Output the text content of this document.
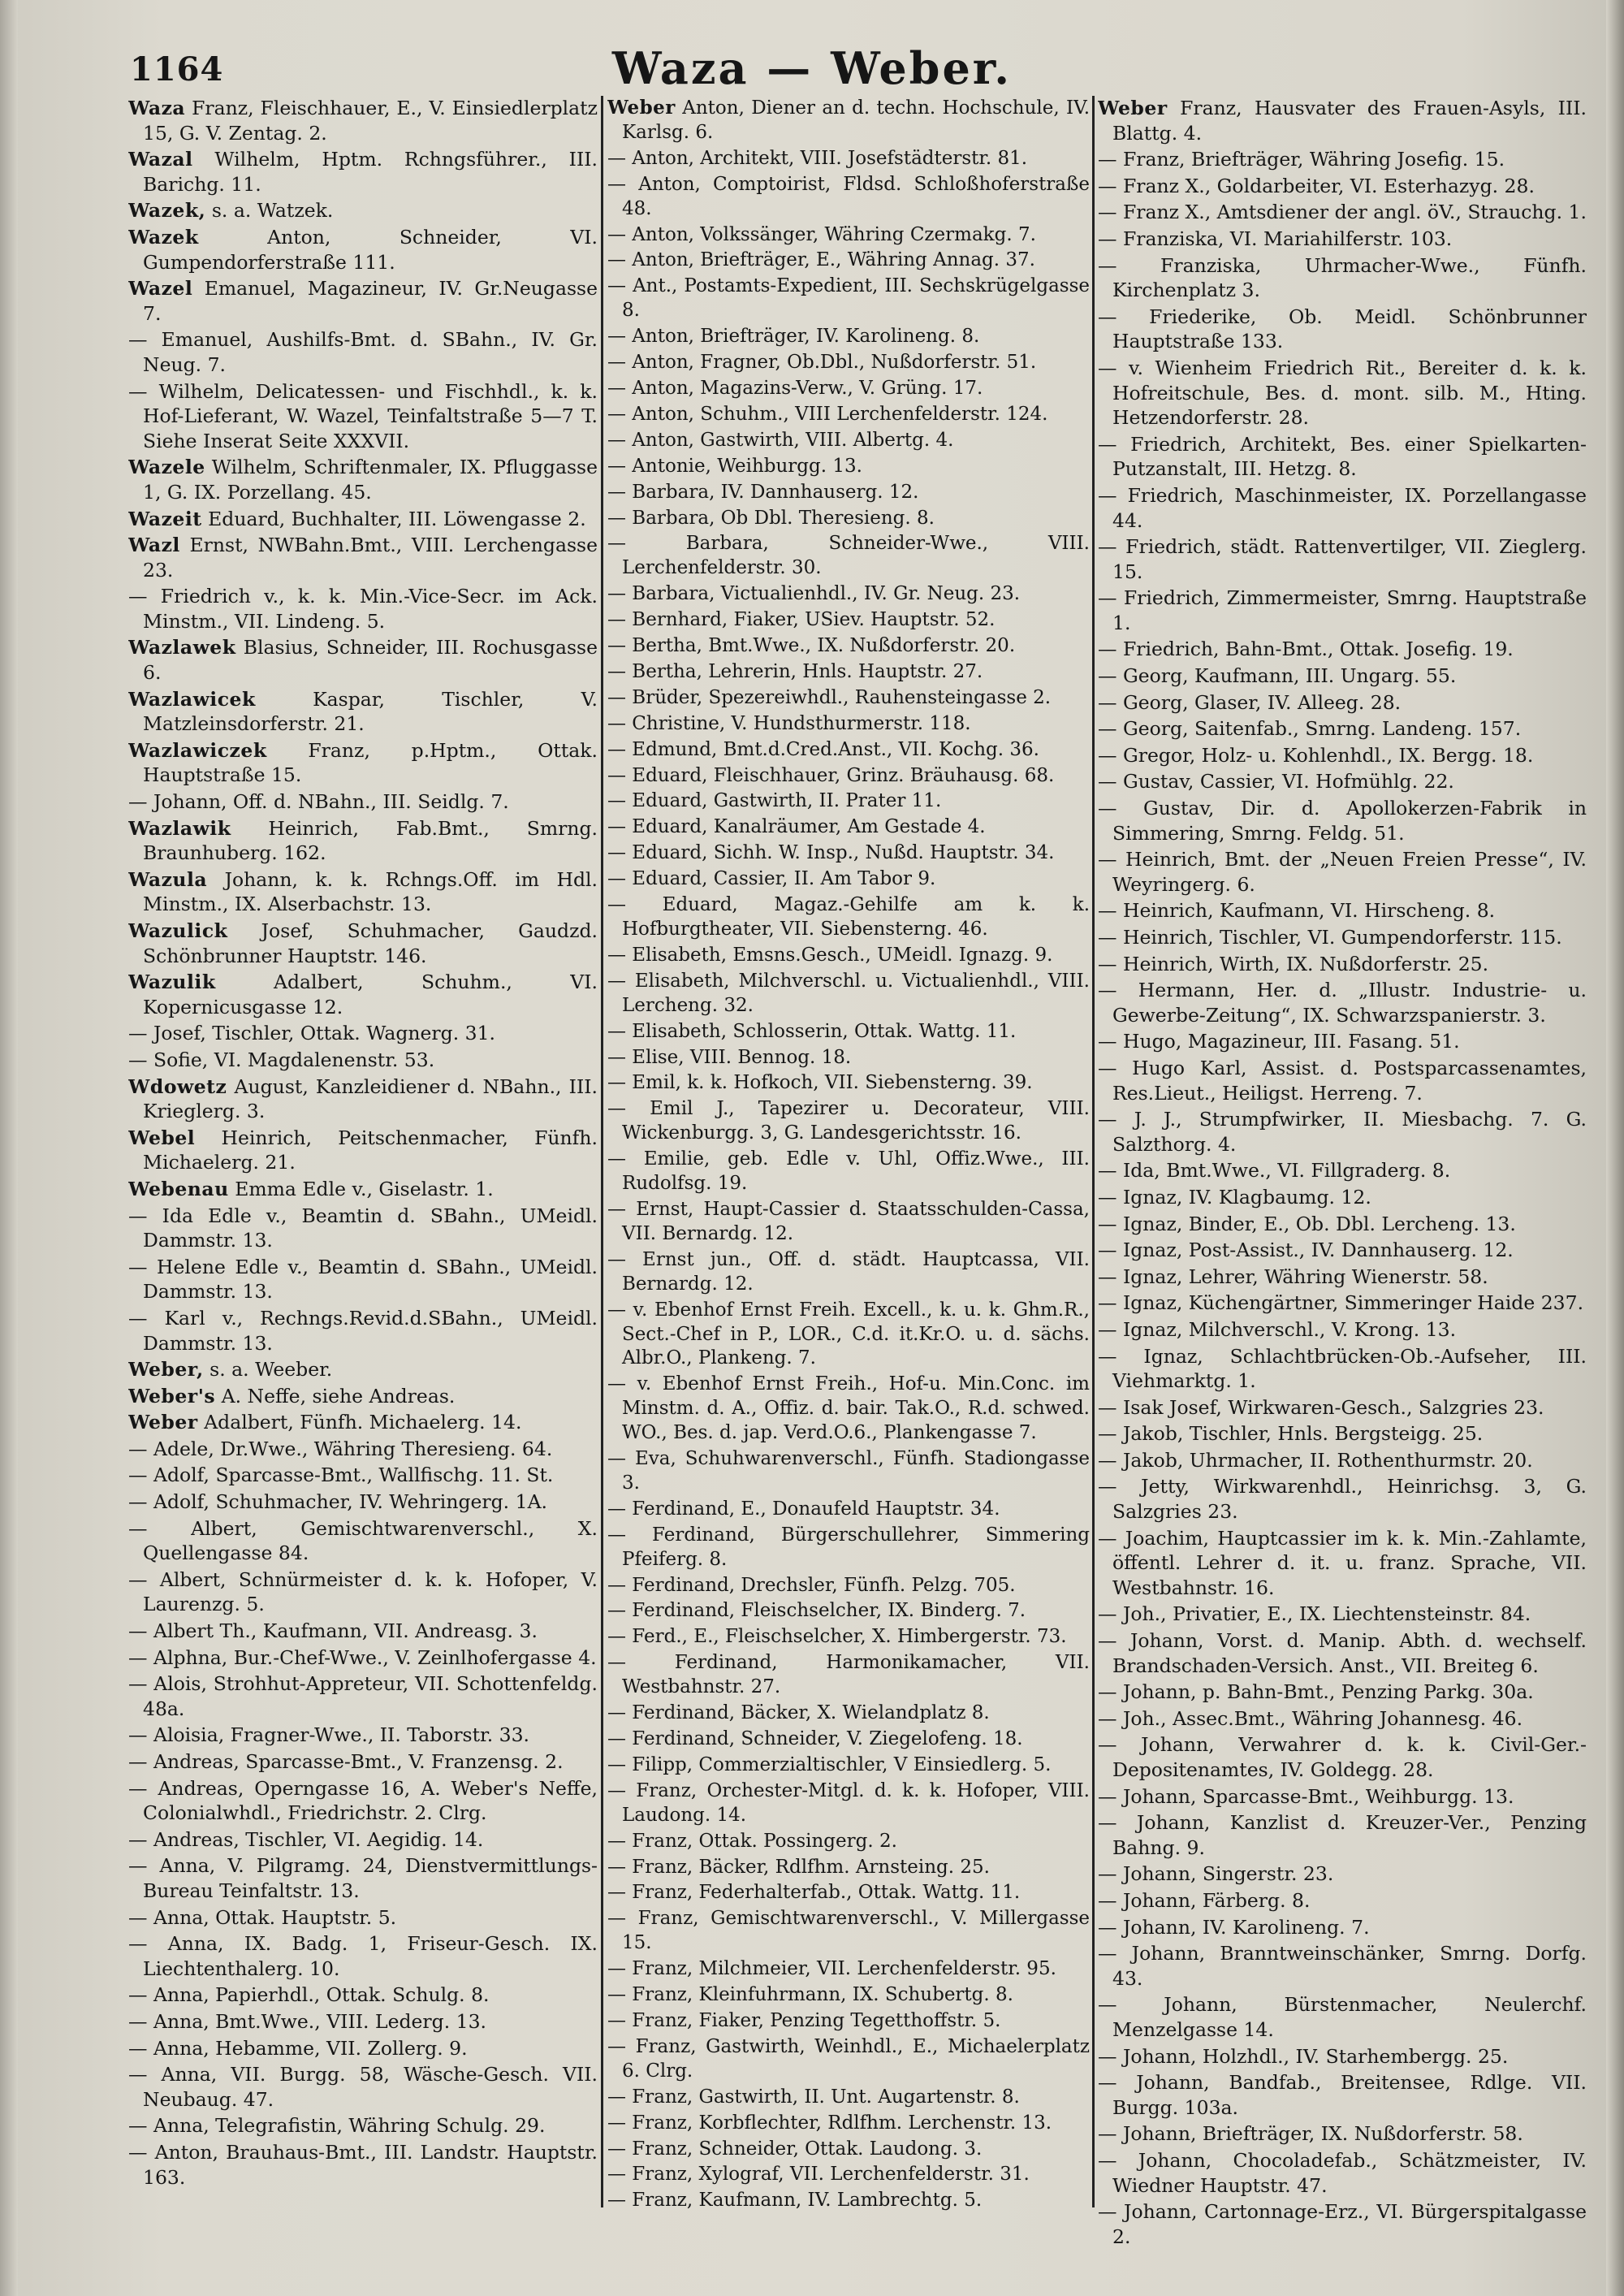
1164	Waza — Weber.
Waza Franz, Fleischhauer, E., V. Einsiedlerplatz 15, G. V. Zentag. 2.
Wazal Wilhelm, Hptm. Rchngsführer., III. Barichg. 11.
Wazek, s. a. Watzek.
Wazek	Anton, Schneider, VI. Gumpendorferstraße 111.
Wazel Emanuel, Magazineur, IV. Gr.Neugasse 7.
— Emanuel, Aushilfs-Bmt. d. SBahn., IV. Gr. Neug. 7.
— Wilhelm, Delicatessen- und Fischhdl., k. k. Hof-Lieferant, W. Wazel, Teinfaltstraße 5—7 T. Siehe Inserat Seite XXXVII.
Wazele Wilhelm, Schriftenmaler, IX. Pfluggasse 1, G. IX. Porzellang. 45.
Wazeit Eduard, Buchhalter, III. Löwengasse 2.
Wazl Ernst, NWBahn.Bmt., VIII. Lerchengasse 23.
— Friedrich v., k. k. Min.-Vice-Secr. im Ack. Minstm., VII. Lindeng. 5.
Wazlawek Blasius, Schneider, III. Rochusgasse 6.
Wazlawicek	Kaspar, Tischler, V. Matzleinsdorferstr. 21.
Wazlawiczek Franz, p.Hptm., Ottak. Hauptstraße 15.
— Johann, Off. d. NBahn., III. Seidlg. 7.
Wazlawik Heinrich, Fab.Bmt., Smrng. Braunhuberg. 162.
Wazula Johann, k. k. Rchngs.Off. im Hdl. Minstm., IX. Alserbachstr. 13.
Wazulick Josef, Schuhmacher, Gaudzd. Schönbrunner Hauptstr. 146.
Wazulik	Adalbert, Schuhm., VI. Kopernicusgasse 12.
— Josef, Tischler, Ottak. Wagnerg. 31.
— Sofie, VI. Magdalenenstr. 53.
Wdowetz August, Kanzleidiener d. NBahn., III. Krieglerg. 3.
Webel Heinrich, Peitschenmacher, Fünfh. Michaelerg. 21.
Webenau Emma Edle v., Giselastr. 1.
— Ida Edle v., Beamtin d. SBahn., UMeidl. Dammstr. 13.
— Helene Edle v., Beamtin d. SBahn., UMeidl. Dammstr. 13.
— Karl v., Rechngs.Revid.d.SBahn., UMeidl. Dammstr. 13.
Weber, s. a. Weeber.
Weber's A. Neffe, siehe Andreas.
Weber Adalbert, Fünfh. Michaelerg. 14.
— Adele, Dr.Wwe., Währing Theresieng. 64.
— Adolf, Sparcasse-Bmt., Wallfischg. 11. St.
— Adolf, Schuhmacher, IV. Wehringerg. 1A.
— Albert, Gemischtwarenverschl., X. Quellengasse 84.
— Albert, Schnürmeister d. k. k. Hofoper, V. Laurenzg. 5.
— Albert Th., Kaufmann, VII. Andreasg. 3.
— Alphna, Bur.-Chef-Wwe., V. Zeinlhofergasse 4.
— Alois, Strohhut-Appreteur, VII. Schottenfeldg. 48a.
— Aloisia, Fragner-Wwe., II. Taborstr. 33.
— Andreas, Sparcasse-Bmt., V. Franzensg. 2.
— Andreas, Operngasse 16, A. Weber's Neffe, Colonialwhdl., Friedrichstr. 2. Clrg.
— Andreas, Tischler, VI. Aegidig. 14.
— Anna, V. Pilgramg. 24, Dienstvermittlungs-Bureau Teinfaltstr. 13.
— Anna, Ottak. Hauptstr. 5.
— Anna, IX. Badg. 1, Friseur-Gesch. IX. Liechtenthalerg. 10.
— Anna, Papierhdl., Ottak. Schulg. 8.
— Anna, Bmt.Wwe., VIII. Lederg. 13.
— Anna, Hebamme, VII. Zollerg. 9.
— Anna, VII. Burgg. 58, Wäsche-Gesch. VII. Neubaug. 47.
— Anna, Telegrafistin, Währing Schulg. 29.
— Anton, Brauhaus-Bmt., III. Landstr. Hauptstr. 163.
Weber Anton, Diener an d. techn. Hochschule, IV. Karlsg. 6.
— Anton, Architekt, VIII. Josefstädterstr. 81.
— Anton, Comptoirist, Fldsd. Schloßhoferstraße 48.
— Anton, Volkssänger, Währing Czermakg. 7.
— Anton, Briefträger, E., Währing Annag. 37.
— Ant., Postamts-Expedient, III. Sechskrügelgasse 8.
— Anton, Briefträger, IV. Karolineng. 8.
— Anton, Fragner, Ob.Dbl., Nußdorferstr. 51.
— Anton, Magazins-Verw., V. Grüng. 17.
— Anton, Schuhm., VIII Lerchenfelderstr. 124.
— Anton, Gastwirth, VIII. Albertg. 4.
— Antonie, Weihburgg. 13.
— Barbara, IV. Dannhauserg. 12.
— Barbara, Ob Dbl. Theresieng. 8.
— Barbara, Schneider-Wwe., VIII. Lerchenfelderstr. 30.
— Barbara, Victualienhdl., IV. Gr. Neug. 23.
— Bernhard, Fiaker, USiev. Hauptstr. 52.
— Bertha, Bmt.Wwe., IX. Nußdorferstr. 20.
— Bertha, Lehrerin, Hnls. Hauptstr. 27.
— Brüder, Spezereiwhdl., Rauhensteingasse 2.
— Christine, V. Hundsthurmerstr. 118.
— Edmund, Bmt.d.Cred.Anst., VII. Kochg. 36.
— Eduard, Fleischhauer, Grinz. Bräuhausg. 68.
— Eduard, Gastwirth, II. Prater 11.
— Eduard, Kanalräumer, Am Gestade 4.
— Eduard, Sichh. W. Insp., Nußd. Hauptstr. 34.
— Eduard, Cassier, II. Am Tabor 9.
— Eduard, Magaz.-Gehilfe am k. k. Hofburgtheater, VII. Siebensterng. 46.
— Elisabeth, Emsns.Gesch., UMeidl. Ignazg. 9.
— Elisabeth, Milchverschl. u. Victualienhdl., VIII. Lercheng. 32.
— Elisabeth, Schlosserin, Ottak. Wattg. 11.
— Elise, VIII. Bennog. 18.
— Emil, k. k. Hofkoch, VII. Siebensterng. 39.
— Emil J., Tapezirer u. Decorateur, VIII. Wickenburgg. 3, G. Landesgerichtsstr. 16.
— Emilie, geb. Edle v. Uhl, Offiz.Wwe., III. Rudolfsg. 19.
— Ernst, Haupt-Cassier d. Staatsschulden-Cassa, VII. Bernardg. 12.
— Ernst jun., Off. d. städt. Hauptcassa, VII. Bernardg. 12.
— v. Ebenhof Ernst Freih. Excell., k. u. k. Ghm.R., Sect.-Chef in P., LOR., C.d. it.Kr.O. u. d. sächs. Albr.O., Plankeng. 7.
— v. Ebenhof Ernst Freih., Hof-u. Min.Conc. im Minstm. d. A., Offiz. d. bair. Tak.O., R.d. schwed. WO., Bes. d. jap. Verd.O.6., Plankengasse 7.
— Eva, Schuhwarenverschl., Fünfh. Stadiongasse 3.
— Ferdinand, E., Donaufeld Hauptstr. 34.
— Ferdinand, Bürgerschullehrer, Simmering Pfeiferg. 8.
— Ferdinand, Drechsler, Fünfh. Pelzg. 705.
— Ferdinand, Fleischselcher, IX. Binderg. 7.
— Ferd., E., Fleischselcher, X. Himbergerstr. 73.
— Ferdinand, Harmonikamacher, VII. Westbahnstr. 27.
— Ferdinand, Bäcker, X. Wielandplatz 8.
— Ferdinand, Schneider, V. Ziegelofeng. 18.
— Filipp, Commerzialtischler, V Einsiedlerg. 5.
— Franz, Orchester-Mitgl. d. k. k. Hofoper, VIII. Laudong. 14.
— Franz, Ottak. Possingerg. 2.
— Franz, Bäcker, Rdlfhm. Arnsteing. 25.
— Franz, Federhalterfab., Ottak. Wattg. 11.
— Franz, Gemischtwarenverschl., V. Millergasse 15.
— Franz, Milchmeier, VII. Lerchenfelderstr. 95.
— Franz, Kleinfuhrmann, IX. Schubertg. 8.
— Franz, Fiaker, Penzing Tegetthoffstr. 5.
— Franz, Gastwirth, Weinhdl., E., Michaelerplatz 6. Clrg.
— Franz, Gastwirth, II. Unt. Augartenstr. 8.
— Franz, Korbflechter, Rdlfhm. Lerchenstr. 13.
— Franz, Schneider, Ottak. Laudong. 3.
— Franz, Xylograf, VII. Lerchenfelderstr. 31.
— Franz, Kaufmann, IV. Lambrechtg. 5.
Weber Franz, Hausvater des Frauen-Asyls, III. Blattg. 4.
— Franz, Briefträger, Währing Josefig. 15.
— Franz X., Goldarbeiter, VI. Esterhazyg. 28.
— Franz X., Amtsdiener der angl. öV., Strauchg. 1.
— Franziska, VI. Mariahilferstr. 103.
— Franziska, Uhrmacher-Wwe., Fünfh. Kirchenplatz 3.
— Friederike, Ob. Meidl. Schönbrunner Hauptstraße 133.
— v. Wienheim Friedrich Rit., Bereiter d. k. k. Hofreitschule, Bes. d. mont. silb. M., Hting. Hetzendorferstr. 28.
— Friedrich, Architekt, Bes. einer Spielkarten-Putzanstalt, III. Hetzg. 8.
— Friedrich, Maschinmeister, IX. Porzellangasse 44.
— Friedrich, städt. Rattenvertilger, VII. Zieglerg. 15.
— Friedrich, Zimmermeister, Smrng. Hauptstraße 1.
— Friedrich, Bahn-Bmt., Ottak. Josefig. 19.
— Georg, Kaufmann, III. Ungarg. 55.
— Georg, Glaser, IV. Alleeg. 28.
— Georg, Saitenfab., Smrng. Landeng. 157.
— Gregor, Holz- u. Kohlenhdl., IX. Bergg. 18.
— Gustav, Cassier, VI. Hofmühlg. 22.
— Gustav, Dir. d. Apollokerzen-Fabrik in Simmering, Smrng. Feldg. 51.
— Heinrich, Bmt. der „Neuen Freien Presse“, IV. Weyringerg. 6.
— Heinrich, Kaufmann, VI. Hirscheng. 8.
— Heinrich, Tischler, VI. Gumpendorferstr. 115.
— Heinrich, Wirth, IX. Nußdorferstr. 25.
— Hermann, Her. d. „Illustr. Industrie- u. Gewerbe-Zeitung“, IX. Schwarzspanierstr. 3.
— Hugo, Magazineur, III. Fasang. 51.
— Hugo Karl, Assist. d. Postsparcassenamtes, Res.Lieut., Heiligst. Herreng. 7.
— J. J., Strumpfwirker, II. Miesbachg. 7. G. Salzthorg. 4.
— Ida, Bmt.Wwe., VI. Fillgraderg. 8.
— Ignaz, IV. Klagbaumg. 12.
— Ignaz, Binder, E., Ob. Dbl. Lercheng. 13.
— Ignaz, Post-Assist., IV. Dannhauserg. 12.
— Ignaz, Lehrer, Währing Wienerstr. 58.
— Ignaz, Küchengärtner, Simmeringer Haide 237.
— Ignaz, Milchverschl., V. Krong. 13.
— Ignaz, Schlachtbrücken-Ob.-Aufseher, III. Viehmarktg. 1.
— Isak Josef, Wirkwaren-Gesch., Salzgries 23.
— Jakob, Tischler, Hnls. Bergsteigg. 25.
— Jakob, Uhrmacher, II. Rothenthurmstr. 20.
— Jetty, Wirkwarenhdl., Heinrichsg. 3, G. Salzgries 23.
— Joachim, Hauptcassier im k. k. Min.-Zahlamte, öffentl. Lehrer d. it. u. franz. Sprache, VII. Westbahnstr. 16.
— Joh., Privatier, E., IX. Liechtensteinstr. 84.
— Johann, Vorst. d. Manip. Abth. d. wechself. Brandschaden-Versich. Anst., VII. Breiteg 6.
— Johann, p. Bahn-Bmt., Penzing Parkg. 30a.
— Joh., Assec.Bmt., Währing Johannesg. 46.
— Johann, Verwahrer d. k. k. Civil-Ger.-Depositenamtes, IV. Goldegg. 28.
— Johann, Sparcasse-Bmt., Weihburgg. 13.
— Johann, Kanzlist d. Kreuzer-Ver., Penzing Bahng. 9.
— Johann, Singerstr. 23.
— Johann, Färberg. 8.
— Johann, IV. Karolineng. 7.
— Johann, Branntweinschänker, Smrng. Dorfg. 43.
— Johann, Bürstenmacher, Neulerchf. Menzelgasse 14.
— Johann, Holzhdl., IV. Starhembergg. 25.
— Johann, Bandfab., Breitensee, Rdlge. VII. Burgg. 103a.
— Johann, Briefträger, IX. Nußdorferstr. 58.
— Johann, Chocoladefab., Schätzmeister, IV. Wiedner Hauptstr. 47.
— Johann, Cartonnage-Erz., VI. Bürgerspitalgasse 2.
